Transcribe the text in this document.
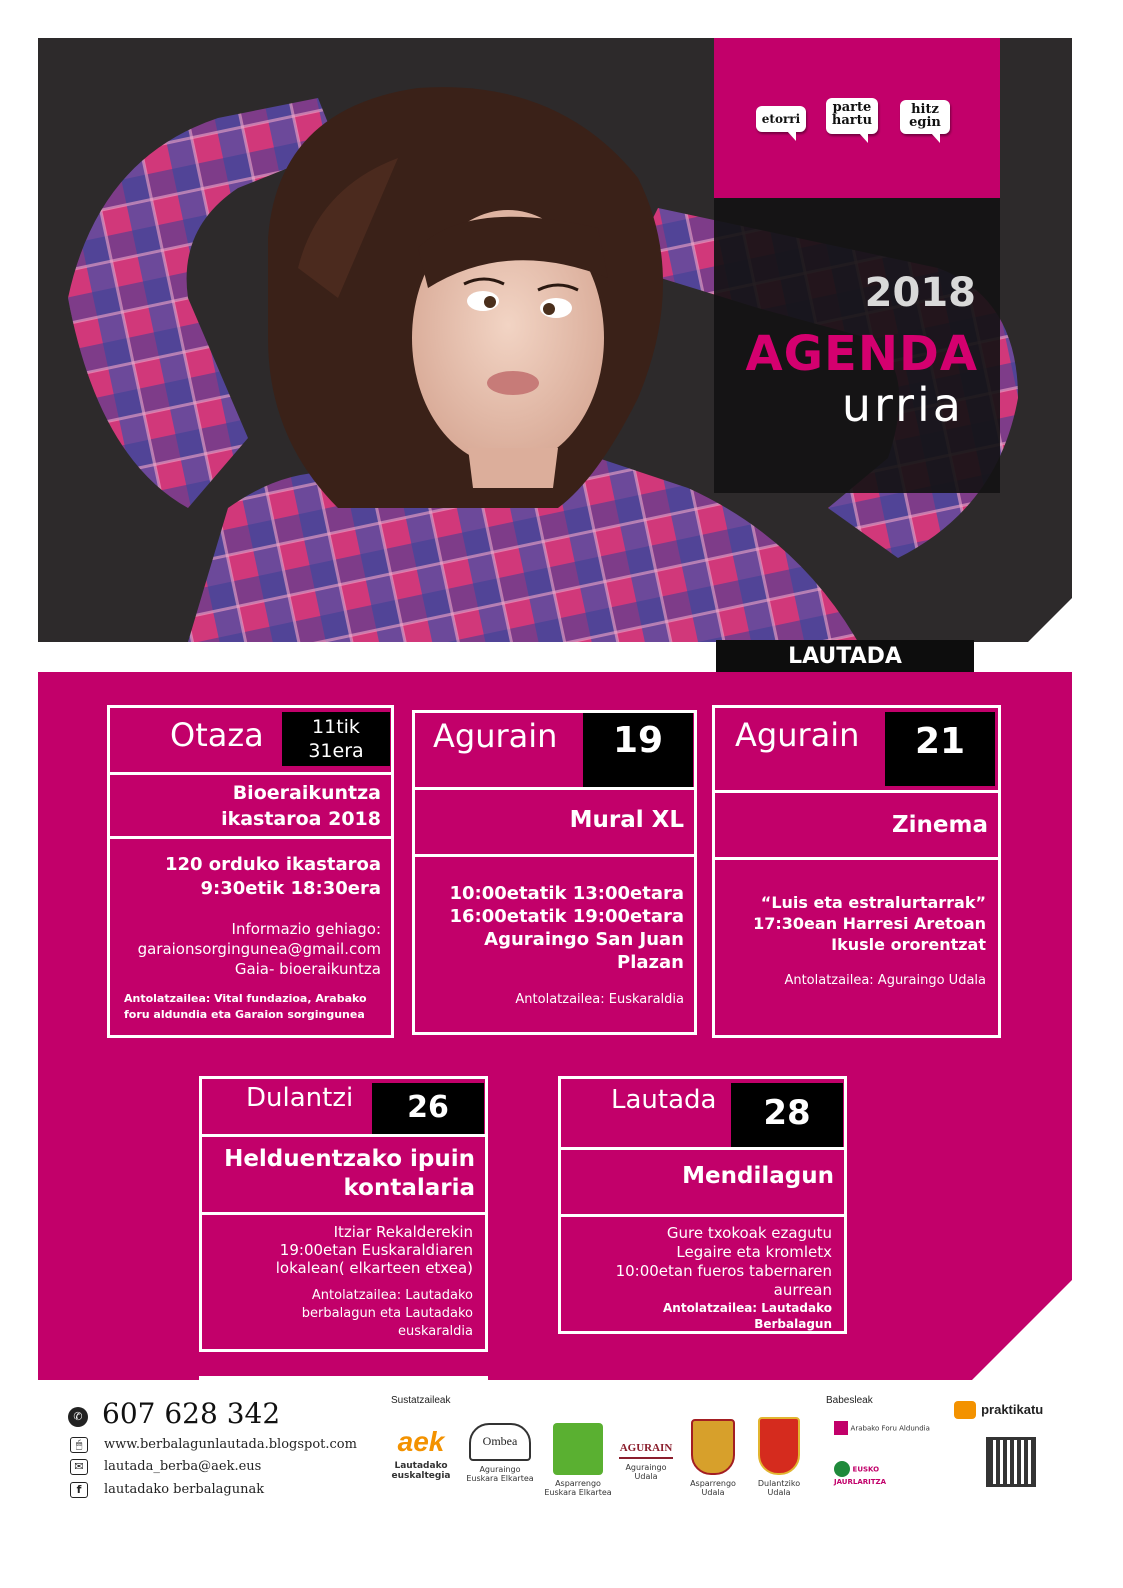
etorri
parte hartu
hitz egin
2018
AGENDA
urria
LAUTADA
Otaza	11tik 31era
Bioeraikuntza ikastaroa 2018
120 orduko ikastaroa
9:30etik 18:30era
Informazio gehiago:
garaionsorgingunea@gmail.com
Gaia- bioeraikuntza
Antolatzailea: Vital fundazioa, Arabako
foru aldundia eta Garaion sorgingunea
Agurain	19
Mural XL
10:00etatik 13:00etara
16:00etatik 19:00etara
Aguraingo San Juan
Plazan
Antolatzailea: Euskaraldia
Agurain	21
Zinema
“Luis eta estralurtarrak”
17:30ean Harresi Aretoan
Ikusle ororentzat
Antolatzailea: Aguraingo Udala
Dulantzi	26
Helduentzako ipuin kontalaria
Itziar Rekalderekin
19:00etan Euskaraldiaren
lokalean( elkarteen etxea)
Antolatzailea: Lautadako
berbalagun eta Lautadako
euskaraldia
Lautada	28
Mendilagun
Gure txokoak ezagutu
Legaire eta kromletx
10:00etan fueros tabernaren
aurrean
Antolatzailea: Lautadako
Berbalagun
✆ 607 628 342
🖱	www.berbalagunlautada.blogspot.com
✉	lautada_berba@aek.eus
f	lautadako berbalagunak
Sustatzaileak	Babesleak
aek
Lautadako euskaltegia
Ombea
Aguraingo Euskara Elkartea
Asparrengo Euskara Elkartea
AGURAIN
Aguraingo Udala
Asparrengo Udala
Dulantziko Udala
Arabako Foru Aldundia
EUSKO JAURLARITZA
praktikatu
